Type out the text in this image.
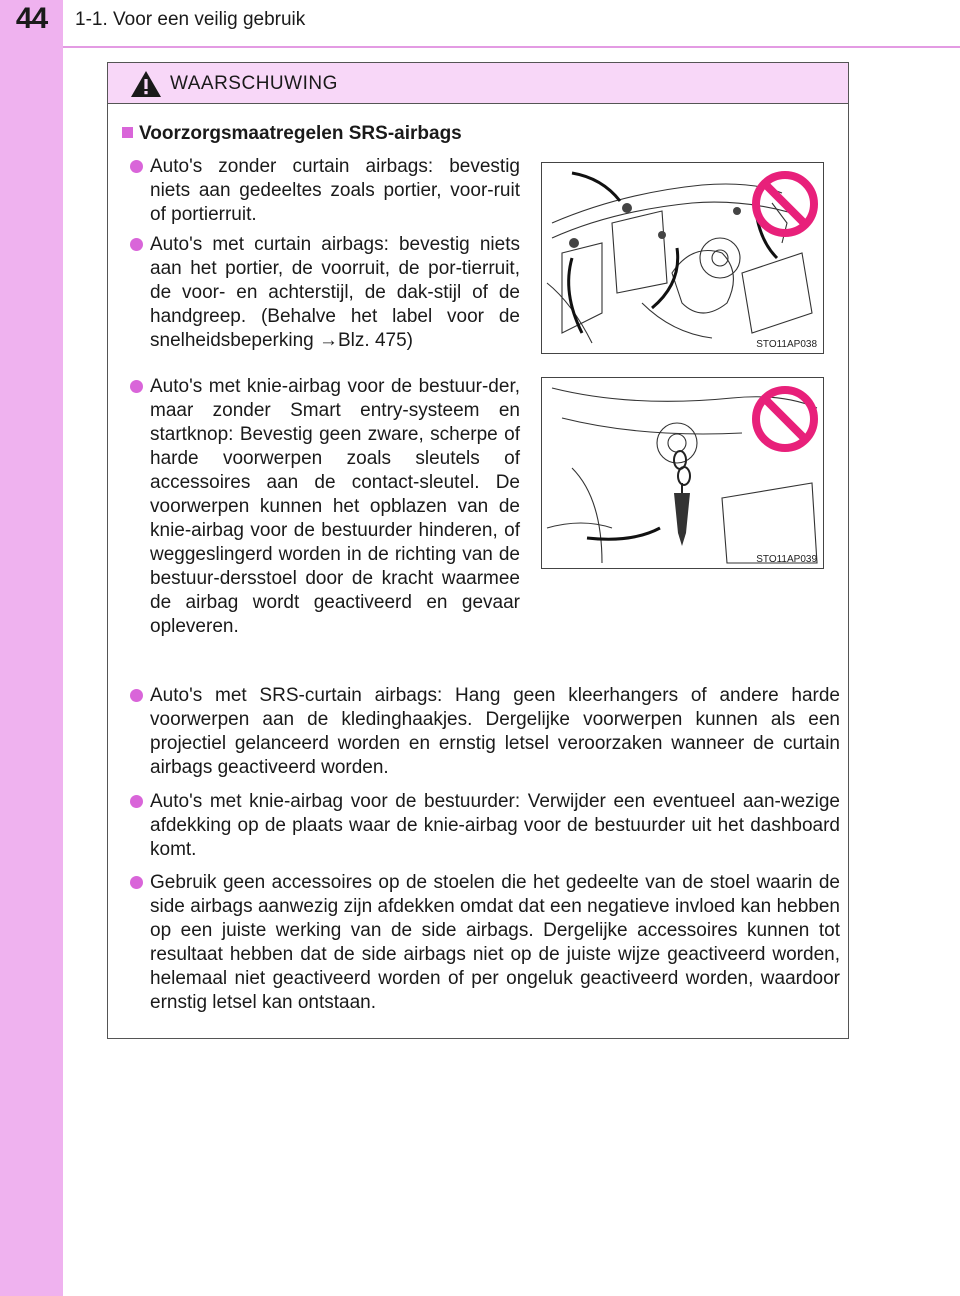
44	1-1. Voor een veilig gebruik
WAARSCHUWING
Voorzorgsmaatregelen SRS-airbags
Auto's zonder curtain airbags: bevestig niets aan gedeeltes zoals portier, voor-ruit of portierruit.
Auto's met curtain airbags: bevestig niets aan het portier, de voorruit, de por-tierruit, de voor- en achterstijl, de dak-stijl of de handgreep. (Behalve het label voor de snelheidsbeperking →Blz. 475)
Auto's met knie-airbag voor de bestuur-der, maar zonder Smart entry-systeem en startknop: Bevestig geen zware, scherpe of harde voorwerpen zoals sleutels of accessoires aan de contact-sleutel. De voorwerpen kunnen het opblazen van de knie-airbag voor de bestuurder hinderen, of weggeslingerd worden in de richting van de bestuur-dersstoel door de kracht waarmee de airbag wordt geactiveerd en gevaar opleveren.
Auto's met SRS-curtain airbags: Hang geen kleerhangers of andere harde voorwerpen aan de kledinghaakjes. Dergelijke voorwerpen kunnen als een projectiel gelanceerd worden en ernstig letsel veroorzaken wanneer de curtain airbags geactiveerd worden.
Auto's met knie-airbag voor de bestuurder: Verwijder een eventueel aan-wezige afdekking op de plaats waar de knie-airbag voor de bestuurder uit het dashboard komt.
Gebruik geen accessoires op de stoelen die het gedeelte van de stoel waarin de side airbags aanwezig zijn afdekken omdat dat een negatieve invloed kan hebben op een juiste werking van de side airbags. Dergelijke accessoires kunnen tot resultaat hebben dat de side airbags niet op de juiste wijze geactiveerd worden, helemaal niet geactiveerd worden of per ongeluk geactiveerd worden, waardoor ernstig letsel kan ontstaan.
STO11AP038
STO11AP039
